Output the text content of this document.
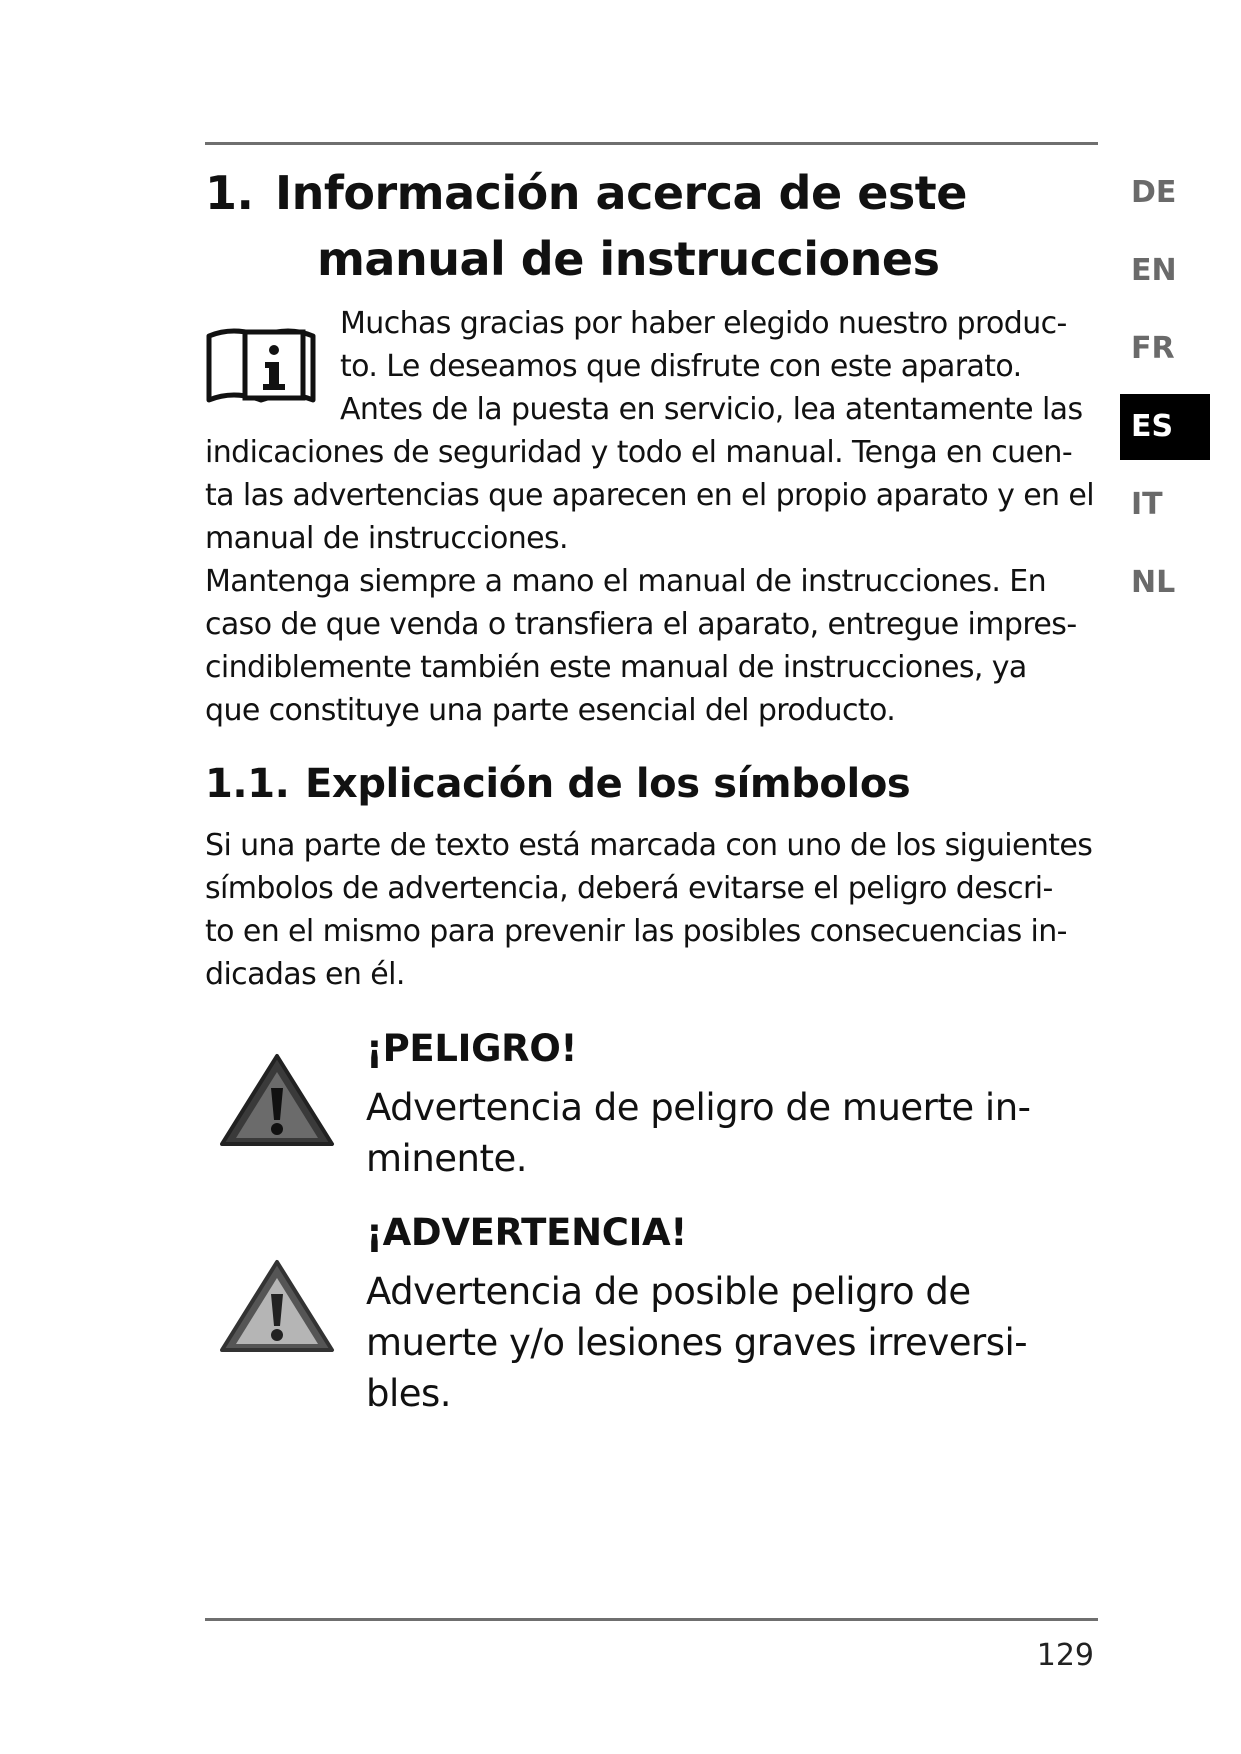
1. Información acerca de este
manual de instrucciones
Muchas gracias por haber elegido nuestro produc-
to. Le deseamos que disfrute con este aparato.
Antes de la puesta en servicio, lea atentamente las
indicaciones de seguridad y todo el manual. Tenga en cuen-
ta las advertencias que aparecen en el propio aparato y en el
manual de instrucciones.
Mantenga siempre a mano el manual de instrucciones. En
caso de que venda o transfiera el aparato, entregue impres-
cindiblemente también este manual de instrucciones, ya
que constituye una parte esencial del producto.
1.1. Explicación de los símbolos
Si una parte de texto está marcada con uno de los siguientes
símbolos de advertencia, deberá evitarse el peligro descri-
to en el mismo para prevenir las posibles consecuencias in-
dicadas en él.
¡PELIGRO!
Advertencia de peligro de muerte in-
minente.
¡ADVERTENCIA!
Advertencia de posible peligro de
muerte y/o lesiones graves irreversi-
bles.
DE
EN
FR
ES
IT
NL

129
